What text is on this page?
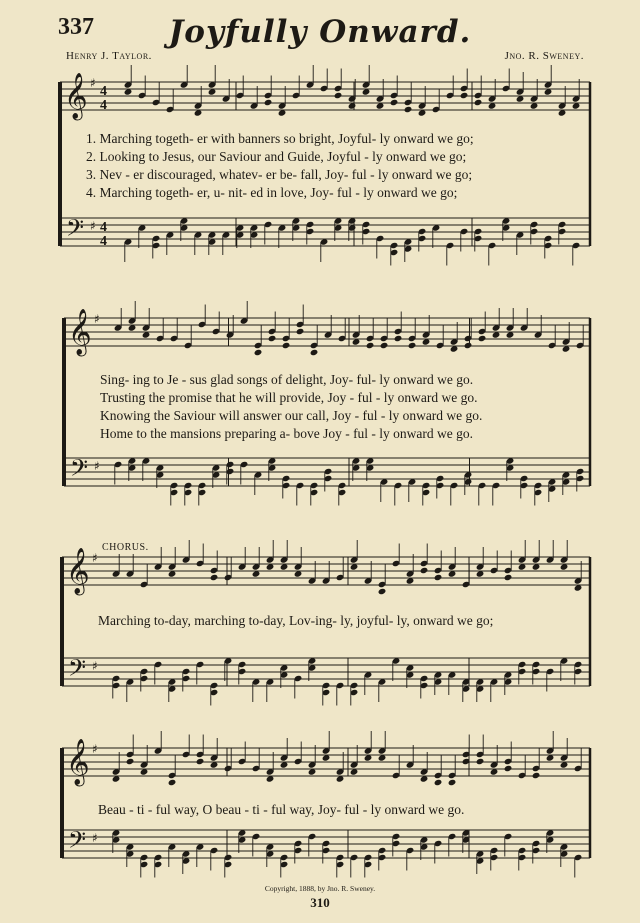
𝄞
𝄢
♯
♯
4
4
4
4
𝄞
𝄢
♯
♯
𝄞
𝄢
♯
♯
𝄞
𝄢
♯
♯
337	Joyfully Onward.
Henry J. Taylor.	Jno. R. Sweney.
1. Marching togeth- er with banners so bright, Joyful- ly onward we go;
2. Looking to Jesus, our Saviour and Guide, Joyful - ly onward we go;
3. Nev - er discouraged, whatev- er be- fall, Joy- ful - ly onward we go;
4. Marching togeth- er, u- nit- ed in love, Joy- ful - ly onward we go;
Sing- ing to Je - sus glad songs of delight, Joy- ful- ly onward we go.
Trusting the promise that he will provide, Joy - ful - ly onward we go.
Knowing the Saviour will answer our call, Joy - ful - ly onward we go.
Home to the mansions preparing a- bove Joy - ful - ly onward we go.
CHORUS.
Marching to-day, marching to-day, Lov-ing- ly, joyful- ly, onward we go;
Beau - ti - ful way, O beau - ti - ful way, Joy- ful - ly onward we go.
Copyright, 1888, by Jno. R. Sweney.
310
